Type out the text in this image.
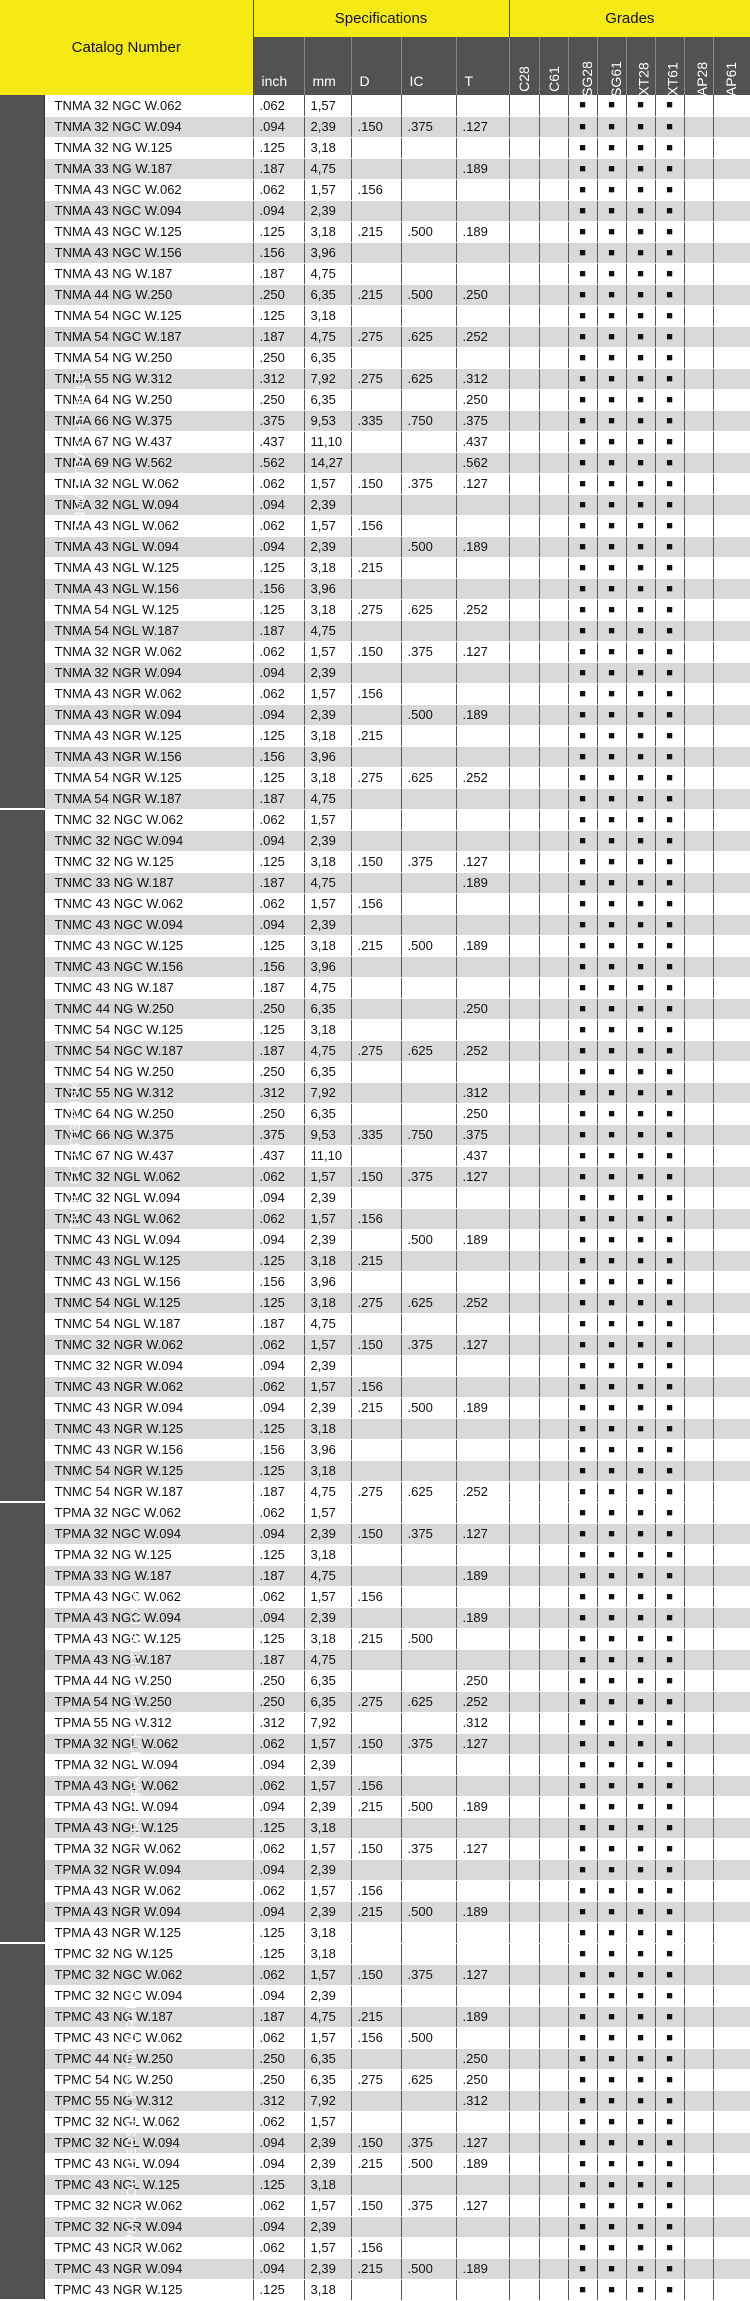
Catalog Number		Specifications					Grades								
		inch	mm	D	IC	T	C28	C61	SG28	SG61	XT28	XT61	AP28	AP61	
TNMA STRAIGHT HOLE	TNMA 32 NGC W.062	.062	1,57						■	■	■	■			
	TNMA 32 NGC W.094	.094	2,39	.150	.375	.127			■	■	■	■			
	TNMA 32 NG W.125	.125	3,18						■	■	■	■			
	TNMA 33 NG W.187	.187	4,75			.189			■	■	■	■			
	TNMA 43 NGC W.062	.062	1,57	.156					■	■	■	■			
	TNMA 43 NGC W.094	.094	2,39						■	■	■	■			
	TNMA 43 NGC W.125	.125	3,18	.215	.500	.189			■	■	■	■			
	TNMA 43 NGC W.156	.156	3,96						■	■	■	■			
	TNMA 43 NG W.187	.187	4,75						■	■	■	■			
	TNMA 44 NG W.250	.250	6,35	.215	.500	.250			■	■	■	■			
	TNMA 54 NGC W.125	.125	3,18						■	■	■	■			
	TNMA 54 NGC W.187	.187	4,75	.275	.625	.252			■	■	■	■			
	TNMA 54 NG W.250	.250	6,35						■	■	■	■			
	TNMA 55 NG W.312	.312	7,92	.275	.625	.312			■	■	■	■			
	TNMA 64 NG W.250	.250	6,35			.250			■	■	■	■			
	TNMA 66 NG W.375	.375	9,53	.335	.750	.375			■	■	■	■			
	TNMA 67 NG W.437	.437	11,10			.437			■	■	■	■			
	TNMA 69 NG W.562	.562	14,27			.562			■	■	■	■			
	TNMA 32 NGL W.062	.062	1,57	.150	.375	.127			■	■	■	■			
	TNMA 32 NGL W.094	.094	2,39						■	■	■	■			
	TNMA 43 NGL W.062	.062	1,57	.156					■	■	■	■			
	TNMA 43 NGL W.094	.094	2,39		.500	.189			■	■	■	■			
	TNMA 43 NGL W.125	.125	3,18	.215					■	■	■	■			
	TNMA 43 NGL W.156	.156	3,96						■	■	■	■			
	TNMA 54 NGL W.125	.125	3,18	.275	.625	.252			■	■	■	■			
	TNMA 54 NGL W.187	.187	4,75						■	■	■	■			
	TNMA 32 NGR W.062	.062	1,57	.150	.375	.127			■	■	■	■			
	TNMA 32 NGR W.094	.094	2,39						■	■	■	■			
	TNMA 43 NGR W.062	.062	1,57	.156					■	■	■	■			
	TNMA 43 NGR W.094	.094	2,39		.500	.189			■	■	■	■			
	TNMA 43 NGR W.125	.125	3,18	.215					■	■	■	■			
	TNMA 43 NGR W.156	.156	3,96						■	■	■	■			
	TNMA 54 NGR W.125	.125	3,18	.275	.625	.252			■	■	■	■			
	TNMA 54 NGR W.187	.187	4,75						■	■	■	■			
TNMC COUNTERSINK	TNMC 32 NGC W.062	.062	1,57						■	■	■	■			
	TNMC 32 NGC W.094	.094	2,39						■	■	■	■			
	TNMC 32 NG W.125	.125	3,18	.150	.375	.127			■	■	■	■			
	TNMC 33 NG W.187	.187	4,75			.189			■	■	■	■			
	TNMC 43 NGC W.062	.062	1,57	.156					■	■	■	■			
	TNMC 43 NGC W.094	.094	2,39						■	■	■	■			
	TNMC 43 NGC W.125	.125	3,18	.215	.500	.189			■	■	■	■			
	TNMC 43 NGC W.156	.156	3,96						■	■	■	■			
	TNMC 43 NG W.187	.187	4,75						■	■	■	■			
	TNMC 44 NG W.250	.250	6,35			.250			■	■	■	■			
	TNMC 54 NGC W.125	.125	3,18						■	■	■	■			
	TNMC 54 NGC W.187	.187	4,75	.275	.625	.252			■	■	■	■			
	TNMC 54 NG W.250	.250	6,35						■	■	■	■			
	TNMC 55 NG W.312	.312	7,92			.312			■	■	■	■			
	TNMC 64 NG W.250	.250	6,35			.250			■	■	■	■			
	TNMC 66 NG W.375	.375	9,53	.335	.750	.375			■	■	■	■			
	TNMC 67 NG W.437	.437	11,10			.437			■	■	■	■			
	TNMC 32 NGL W.062	.062	1,57	.150	.375	.127			■	■	■	■			
	TNMC 32 NGL W.094	.094	2,39						■	■	■	■			
	TNMC 43 NGL W.062	.062	1,57	.156					■	■	■	■			
	TNMC 43 NGL W.094	.094	2,39		.500	.189			■	■	■	■			
	TNMC 43 NGL W.125	.125	3,18	.215					■	■	■	■			
	TNMC 43 NGL W.156	.156	3,96						■	■	■	■			
	TNMC 54 NGL W.125	.125	3,18	.275	.625	.252			■	■	■	■			
	TNMC 54 NGL W.187	.187	4,75						■	■	■	■			
	TNMC 32 NGR W.062	.062	1,57	.150	.375	.127			■	■	■	■			
	TNMC 32 NGR W.094	.094	2,39						■	■	■	■			
	TNMC 43 NGR W.062	.062	1,57	.156					■	■	■	■			
	TNMC 43 NGR W.094	.094	2,39	.215	.500	.189			■	■	■	■			
	TNMC 43 NGR W.125	.125	3,18						■	■	■	■			
	TNMC 43 NGR W.156	.156	3,96						■	■	■	■			
	TNMC 54 NGR W.125	.125	3,18						■	■	■	■			
	TNMC 54 NGR W.187	.187	4,75	.275	.625	.252			■	■	■	■			
TPMA STRAIGHT HOLE POSITIVE RAKE	TPMA 32 NGC W.062	.062	1,57						■	■	■	■			
	TPMA 32 NGC W.094	.094	2,39	.150	.375	.127			■	■	■	■			
	TPMA 32 NG W.125	.125	3,18						■	■	■	■			
	TPMA 33 NG W.187	.187	4,75			.189			■	■	■	■			
	TPMA 43 NGC W.062	.062	1,57	.156					■	■	■	■			
	TPMA 43 NGC W.094	.094	2,39			.189			■	■	■	■			
	TPMA 43 NGC W.125	.125	3,18	.215	.500				■	■	■	■			
	TPMA 43 NG W.187	.187	4,75						■	■	■	■			
	TPMA 44 NG W.250	.250	6,35			.250			■	■	■	■			
	TPMA 54 NG W.250	.250	6,35	.275	.625	.252			■	■	■	■			
	TPMA 55 NG W.312	.312	7,92			.312			■	■	■	■			
	TPMA 32 NGL W.062	.062	1,57	.150	.375	.127			■	■	■	■			
	TPMA 32 NGL W.094	.094	2,39						■	■	■	■			
	TPMA 43 NGL W.062	.062	1,57	.156					■	■	■	■			
	TPMA 43 NGL W.094	.094	2,39	.215	.500	.189			■	■	■	■			
	TPMA 43 NGL W.125	.125	3,18						■	■	■	■			
	TPMA 32 NGR W.062	.062	1,57	.150	.375	.127			■	■	■	■			
	TPMA 32 NGR W.094	.094	2,39						■	■	■	■			
	TPMA 43 NGR W.062	.062	1,57	.156					■	■	■	■			
	TPMA 43 NGR W.094	.094	2,39	.215	.500	.189			■	■	■	■			
	TPMA 43 NGR W.125	.125	3,18						■	■	■	■			
TPMC COUNTERSINK POSITIVE RAKE	TPMC 32 NG W.125	.125	3,18						■	■	■	■			
	TPMC 32 NGC W.062	.062	1,57	.150	.375	.127			■	■	■	■			
	TPMC 32 NGC W.094	.094	2,39						■	■	■	■			
	TPMC 43 NG W.187	.187	4,75	.215		.189			■	■	■	■			
	TPMC 43 NGC W.062	.062	1,57	.156	.500				■	■	■	■			
	TPMC 44 NG W.250	.250	6,35			.250			■	■	■	■			
	TPMC 54 NG W.250	.250	6,35	.275	.625	.250			■	■	■	■			
	TPMC 55 NG W.312	.312	7,92			.312			■	■	■	■			
	TPMC 32 NGL W.062	.062	1,57						■	■	■	■			
	TPMC 32 NGL W.094	.094	2,39	.150	.375	.127			■	■	■	■			
	TPMC 43 NGL W.094	.094	2,39	.215	.500	.189			■	■	■	■			
	TPMC 43 NGL W.125	.125	3,18						■	■	■	■			
	TPMC 32 NGR W.062	.062	1,57	.150	.375	.127			■	■	■	■			
	TPMC 32 NGR W.094	.094	2,39						■	■	■	■			
	TPMC 43 NGR W.062	.062	1,57	.156					■	■	■	■			
	TPMC 43 NGR W.094	.094	2,39	.215	.500	.189			■	■	■	■			
	TPMC 43 NGR W.125	.125	3,18						■	■	■	■			
